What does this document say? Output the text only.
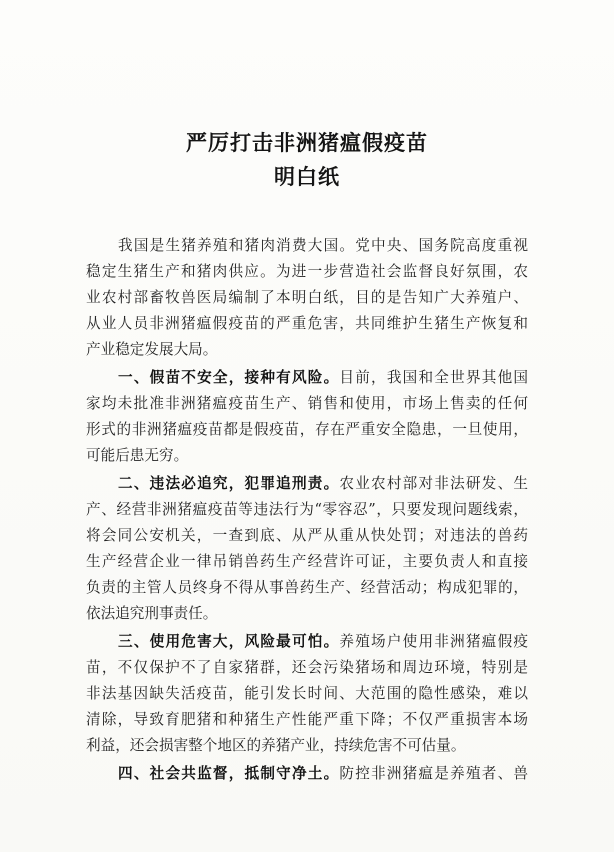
严厉打击非洲猪瘟假疫苗
明白纸
我国是生猪养殖和猪肉消费大国。党中央、国务院高度重视
稳定生猪生产和猪肉供应。为进一步营造社会监督良好氛围，农
业农村部畜牧兽医局编制了本明白纸，目的是告知广大养殖户、
从业人员非洲猪瘟假疫苗的严重危害，共同维护生猪生产恢复和
产业稳定发展大局。
一、假苗不安全，接种有风险。目前，我国和全世界其他国
家均未批准非洲猪瘟疫苗生产、销售和使用，市场上售卖的任何
形式的非洲猪瘟疫苗都是假疫苗，存在严重安全隐患，一旦使用，
可能后患无穷。
二、违法必追究，犯罪追刑责。农业农村部对非法研发、生
产、经营非洲猪瘟疫苗等违法行为“零容忍”，只要发现问题线索，
将会同公安机关，一查到底、从严从重从快处罚；对违法的兽药
生产经营企业一律吊销兽药生产经营许可证，主要负责人和直接
负责的主管人员终身不得从事兽药生产、经营活动；构成犯罪的，
依法追究刑事责任。
三、使用危害大，风险最可怕。养殖场户使用非洲猪瘟假疫
苗，不仅保护不了自家猪群，还会污染猪场和周边环境，特别是
非法基因缺失活疫苗，能引发长时间、大范围的隐性感染，难以
清除，导致育肥猪和种猪生产性能严重下降；不仅严重损害本场
利益，还会损害整个地区的养猪产业，持续危害不可估量。
四、社会共监督，抵制守净土。防控非洲猪瘟是养殖者、兽
